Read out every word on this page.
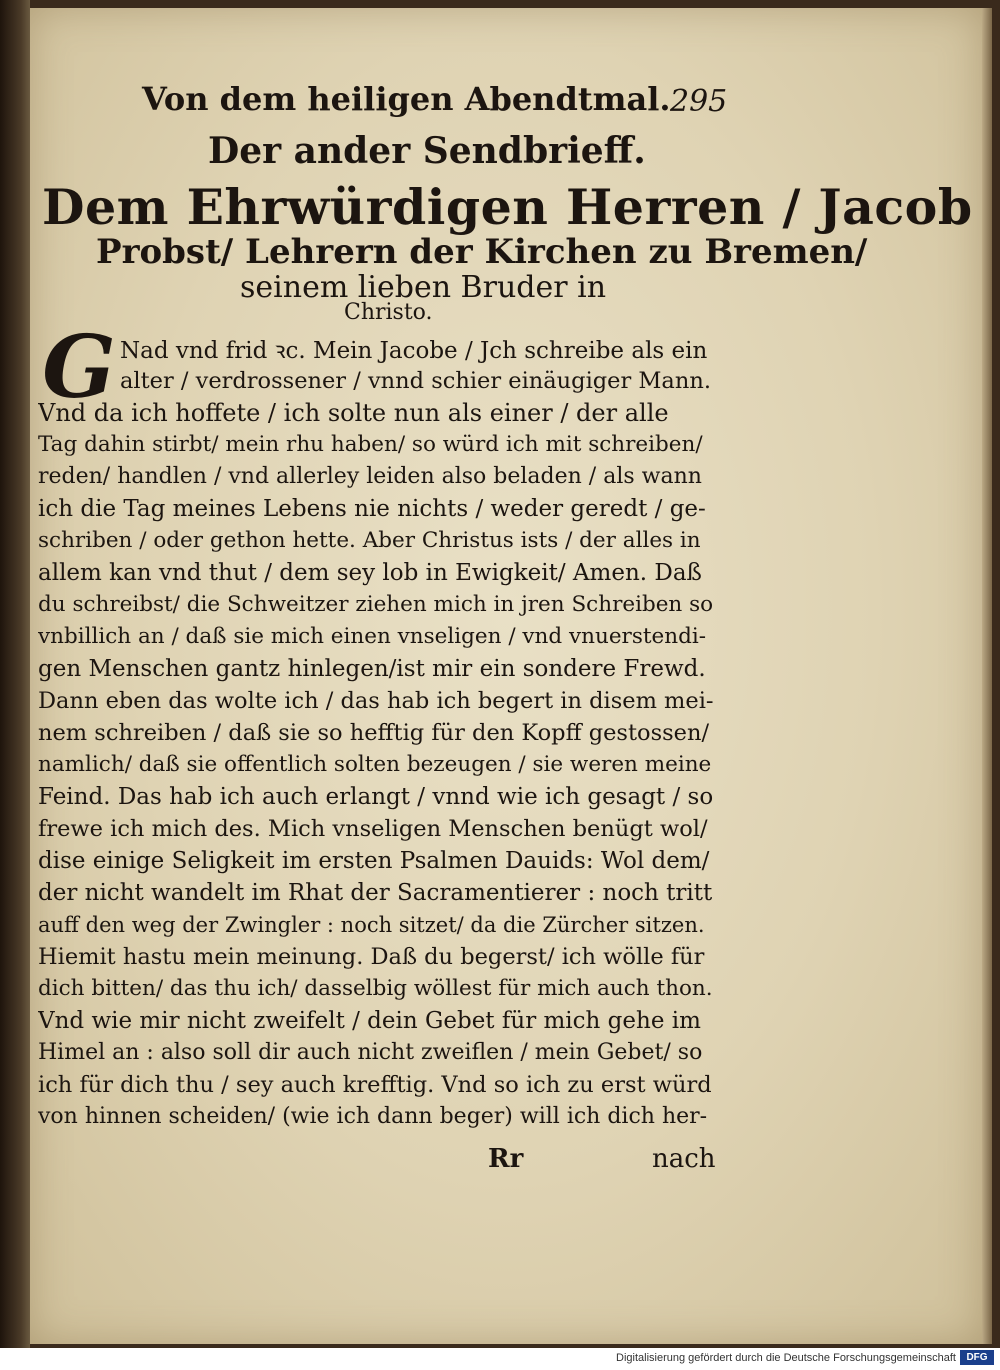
Von dem heiligen Abendtmal. 295
Der ander Sendbrieff.
Dem Ehrwürdigen Herren / Jacob
Probst/ Lehrern der Kirchen zu Bremen/
seinem lieben Bruder in
Christo.
G Nad vnd frid ꝛc. Mein Jacobe / Jch schreibe als ein
alter / verdrossener / vnnd schier einäugiger Mann.
Vnd da ich hoffete / ich solte nun als einer / der alle
Tag dahin stirbt/ mein rhu haben/ so würd ich mit schreiben/
reden/ handlen / vnd allerley leiden also beladen / als wann
ich die Tag meines Lebens nie nichts / weder geredt / ge-
schriben / oder gethon hette. Aber Christus ists / der alles in
allem kan vnd thut / dem sey lob in Ewigkeit/ Amen. Daß
du schreibst/ die Schweitzer ziehen mich in jren Schreiben so
vnbillich an / daß sie mich einen vnseligen / vnd vnuerstendi-
gen Menschen gantz hinlegen/ist mir ein sondere Frewd.
Dann eben das wolte ich / das hab ich begert in disem mei-
nem schreiben / daß sie so hefftig für den Kopff gestossen/
namlich/ daß sie offentlich solten bezeugen / sie weren meine
Feind. Das hab ich auch erlangt / vnnd wie ich gesagt / so
frewe ich mich des. Mich vnseligen Menschen benügt wol/
dise einige Seligkeit im ersten Psalmen Dauids: Wol dem/
der nicht wandelt im Rhat der Sacramentierer : noch tritt
auff den weg der Zwingler : noch sitzet/ da die Zürcher sitzen.
Hiemit hastu mein meinung. Daß du begerst/ ich wölle für
dich bitten/ das thu ich/ dasselbig wöllest für mich auch thon.
Vnd wie mir nicht zweifelt / dein Gebet für mich gehe im
Himel an : also soll dir auch nicht zweiflen / mein Gebet/ so
ich für dich thu / sey auch krefftig. Vnd so ich zu erst würd
von hinnen scheiden/ (wie ich dann beger) will ich dich her-
Rr	nach
Digitalisierung gefördert durch die Deutsche Forschungsgemeinschaft	DFG
